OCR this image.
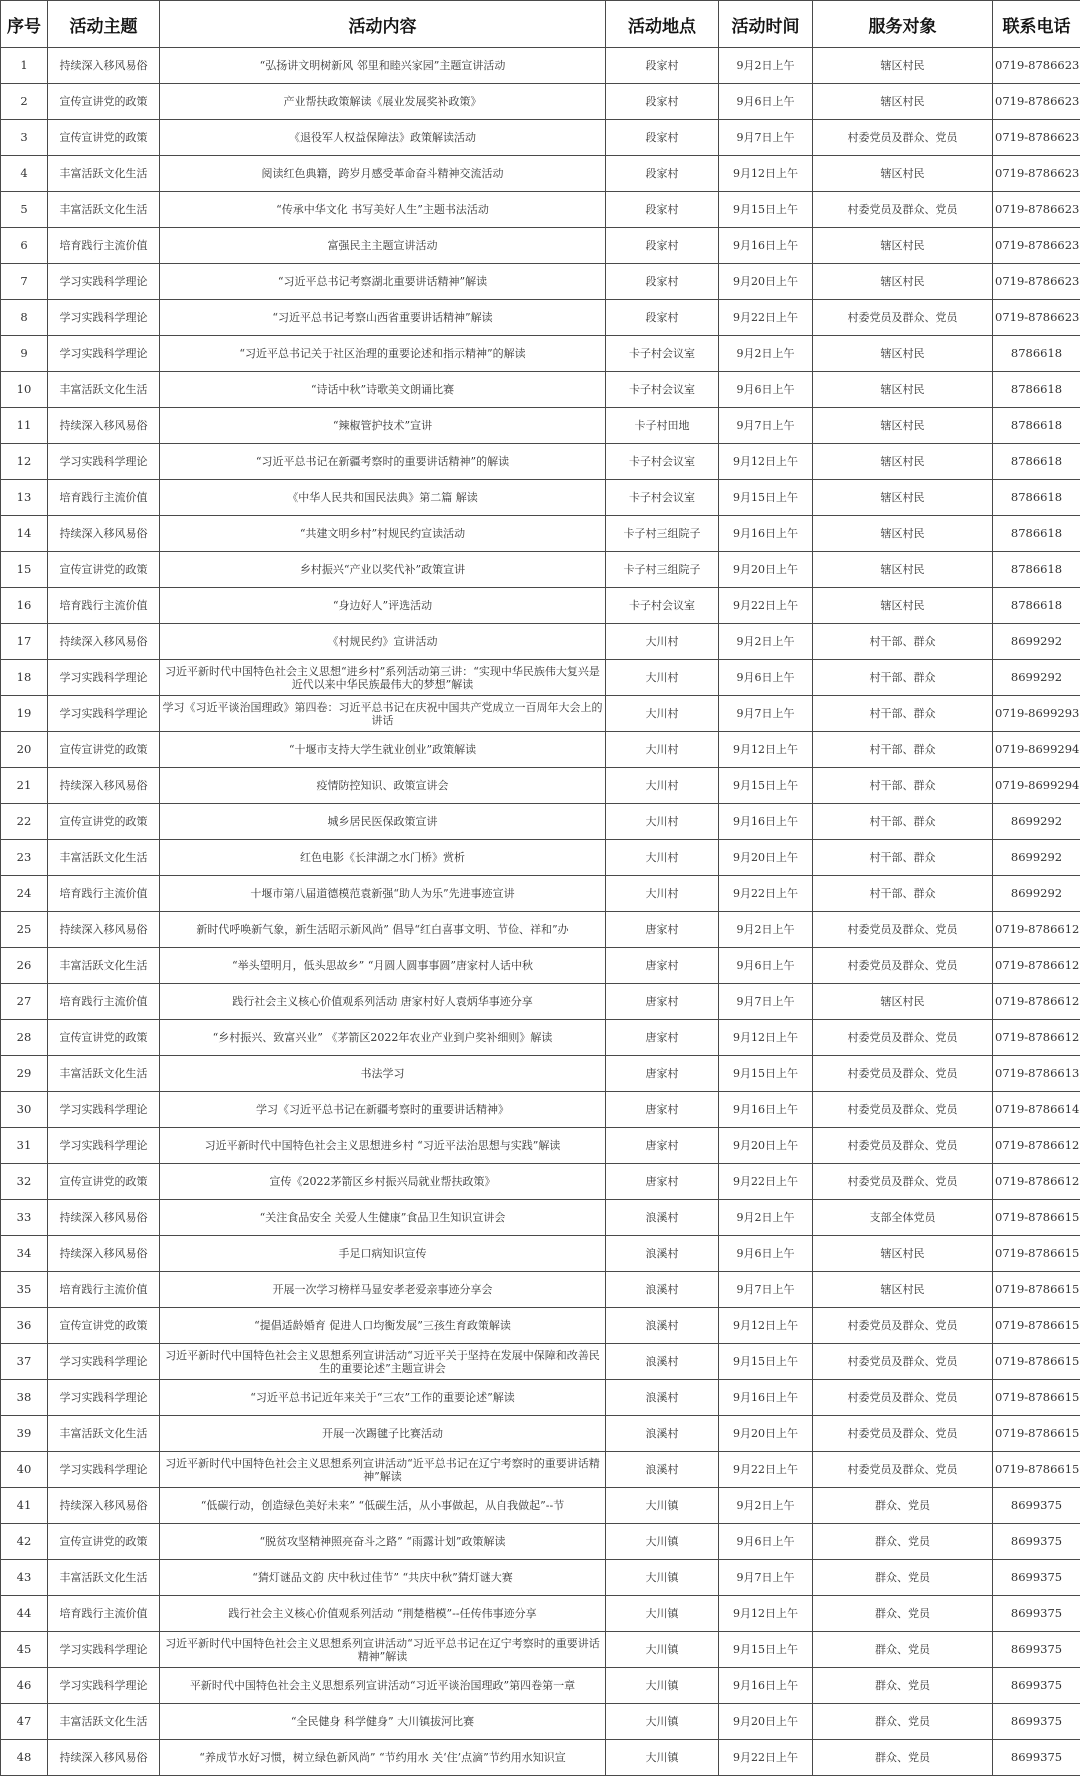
序号	活动主题	活动内容	活动地点	活动时间	服务对象	联系电话
1	持续深入移风易俗	“弘扬讲文明树新风 邻里和睦兴家园”主题宣讲活动	段家村	9月2日上午	辖区村民	0719-8786623
2	宣传宣讲党的政策	产业帮扶政策解读《展业发展奖补政策》	段家村	9月6日上午	辖区村民	0719-8786623
3	宣传宣讲党的政策	《退役军人权益保障法》政策解读活动	段家村	9月7日上午	村委党员及群众、党员	0719-8786623
4	丰富活跃文化生活	阅读红色典籍，跨岁月感受革命奋斗精神交流活动	段家村	9月12日上午	辖区村民	0719-8786623
5	丰富活跃文化生活	“传承中华文化 书写美好人生”主题书法活动	段家村	9月15日上午	村委党员及群众、党员	0719-8786623
6	培育践行主流价值	富强民主主题宣讲活动	段家村	9月16日上午	辖区村民	0719-8786623
7	学习实践科学理论	“习近平总书记考察湖北重要讲话精神”解读	段家村	9月20日上午	辖区村民	0719-8786623
8	学习实践科学理论	“习近平总书记考察山西省重要讲话精神”解读	段家村	9月22日上午	村委党员及群众、党员	0719-8786623
9	学习实践科学理论	“习近平总书记关于社区治理的重要论述和指示精神”的解读	卡子村会议室	9月2日上午	辖区村民	8786618
10	丰富活跃文化生活	“诗话中秋”诗歌美文朗诵比赛	卡子村会议室	9月6日上午	辖区村民	8786618
11	持续深入移风易俗	“辣椒管护技术”宣讲	卡子村田地	9月7日上午	辖区村民	8786618
12	学习实践科学理论	“习近平总书记在新疆考察时的重要讲话精神”的解读	卡子村会议室	9月12日上午	辖区村民	8786618
13	培育践行主流价值	《中华人民共和国民法典》第二篇 解读	卡子村会议室	9月15日上午	辖区村民	8786618
14	持续深入移风易俗	“共建文明乡村”村规民约宣读活动	卡子村三组院子	9月16日上午	辖区村民	8786618
15	宣传宣讲党的政策	乡村振兴“产业以奖代补”政策宣讲	卡子村三组院子	9月20日上午	辖区村民	8786618
16	培育践行主流价值	“身边好人”评选活动	卡子村会议室	9月22日上午	辖区村民	8786618
17	持续深入移风易俗	《村规民约》宣讲活动	大川村	9月2日上午	村干部、群众	8699292
18	学习实践科学理论	习近平新时代中国特色社会主义思想“进乡村”系列活动第三讲：“实现中华民族伟大复兴是近代以来中华民族最伟大的梦想”解读	大川村	9月6日上午	村干部、群众	8699292
19	学习实践科学理论	学习《习近平谈治国理政》第四卷：习近平总书记在庆祝中国共产党成立一百周年大会上的讲话	大川村	9月7日上午	村干部、群众	0719-8699293
20	宣传宣讲党的政策	“十堰市支持大学生就业创业”政策解读	大川村	9月12日上午	村干部、群众	0719-8699294
21	持续深入移风易俗	疫情防控知识、政策宣讲会	大川村	9月15日上午	村干部、群众	0719-8699294
22	宣传宣讲党的政策	城乡居民医保政策宣讲	大川村	9月16日上午	村干部、群众	8699292
23	丰富活跃文化生活	红色电影《长津湖之水门桥》赏析	大川村	9月20日上午	村干部、群众	8699292
24	培育践行主流价值	十堰市第八届道德模范袁新强“助人为乐”先进事迹宣讲	大川村	9月22日上午	村干部、群众	8699292
25	持续深入移风易俗	新时代呼唤新气象，新生活昭示新风尚” 倡导“红白喜事文明、节俭、祥和”办	唐家村	9月2日上午	村委党员及群众、党员	0719-8786612
26	丰富活跃文化生活	“举头望明月，低头思故乡” “月圆人圆事事圆”唐家村人话中秋	唐家村	9月6日上午	村委党员及群众、党员	0719-8786612
27	培育践行主流价值	践行社会主义核心价值观系列活动 唐家村好人袁炳华事迹分享	唐家村	9月7日上午	辖区村民	0719-8786612
28	宣传宣讲党的政策	“乡村振兴、致富兴业” 《茅箭区2022年农业产业到户奖补细则》解读	唐家村	9月12日上午	村委党员及群众、党员	0719-8786612
29	丰富活跃文化生活	书法学习	唐家村	9月15日上午	村委党员及群众、党员	0719-8786613
30	学习实践科学理论	学习《习近平总书记在新疆考察时的重要讲话精神》	唐家村	9月16日上午	村委党员及群众、党员	0719-8786614
31	学习实践科学理论	习近平新时代中国特色社会主义思想进乡村 “习近平法治思想与实践”解读	唐家村	9月20日上午	村委党员及群众、党员	0719-8786612
32	宣传宣讲党的政策	宣传《2022茅箭区乡村振兴局就业帮扶政策》	唐家村	9月22日上午	村委党员及群众、党员	0719-8786612
33	持续深入移风易俗	“关注食品安全 关爱人生健康”食品卫生知识宣讲会	浪溪村	9月2日上午	支部全体党员	0719-8786615
34	持续深入移风易俗	手足口病知识宣传	浪溪村	9月6日上午	辖区村民	0719-8786615
35	培育践行主流价值	开展一次学习榜样马显安孝老爱亲事迹分享会	浪溪村	9月7日上午	辖区村民	0719-8786615
36	宣传宣讲党的政策	“提倡适龄婚育 促进人口均衡发展”三孩生育政策解读	浪溪村	9月12日上午	村委党员及群众、党员	0719-8786615
37	学习实践科学理论	习近平新时代中国特色社会主义思想系列宣讲活动“习近平关于坚持在发展中保障和改善民生的重要论述”主题宣讲会	浪溪村	9月15日上午	村委党员及群众、党员	0719-8786615
38	学习实践科学理论	“习近平总书记近年来关于“三农”工作的重要论述”解读	浪溪村	9月16日上午	村委党员及群众、党员	0719-8786615
39	丰富活跃文化生活	开展一次踢毽子比赛活动	浪溪村	9月20日上午	村委党员及群众、党员	0719-8786615
40	学习实践科学理论	习近平新时代中国特色社会主义思想系列宣讲活动“近平总书记在辽宁考察时的重要讲话精神”解读	浪溪村	9月22日上午	村委党员及群众、党员	0719-8786615
41	持续深入移风易俗	“低碳行动，创造绿色美好未来” “低碳生活，从小事做起，从自我做起”--节	大川镇	9月2日上午	群众、党员	8699375
42	宣传宣讲党的政策	“脱贫攻坚精神照亮奋斗之路” “雨露计划”政策解读	大川镇	9月6日上午	群众、党员	8699375
43	丰富活跃文化生活	“猜灯谜品文韵 庆中秋过佳节” “共庆中秋”猜灯谜大赛	大川镇	9月7日上午	群众、党员	8699375
44	培育践行主流价值	践行社会主义核心价值观系列活动 “荆楚楷模”--任传伟事迹分享	大川镇	9月12日上午	群众、党员	8699375
45	学习实践科学理论	习近平新时代中国特色社会主义思想系列宣讲活动“习近平总书记在辽宁考察时的重要讲话精神”解读	大川镇	9月15日上午	群众、党员	8699375
46	学习实践科学理论	平新时代中国特色社会主义思想系列宣讲活动“习近平谈治国理政”第四卷第一章	大川镇	9月16日上午	群众、党员	8699375
47	丰富活跃文化生活	“全民健身 科学健身” 大川镇拔河比赛	大川镇	9月20日上午	群众、党员	8699375
48	持续深入移风易俗	“养成节水好习惯，树立绿色新风尚” “节约用水 关‘住’点滴”节约用水知识宣	大川镇	9月22日上午	群众、党员	8699375
